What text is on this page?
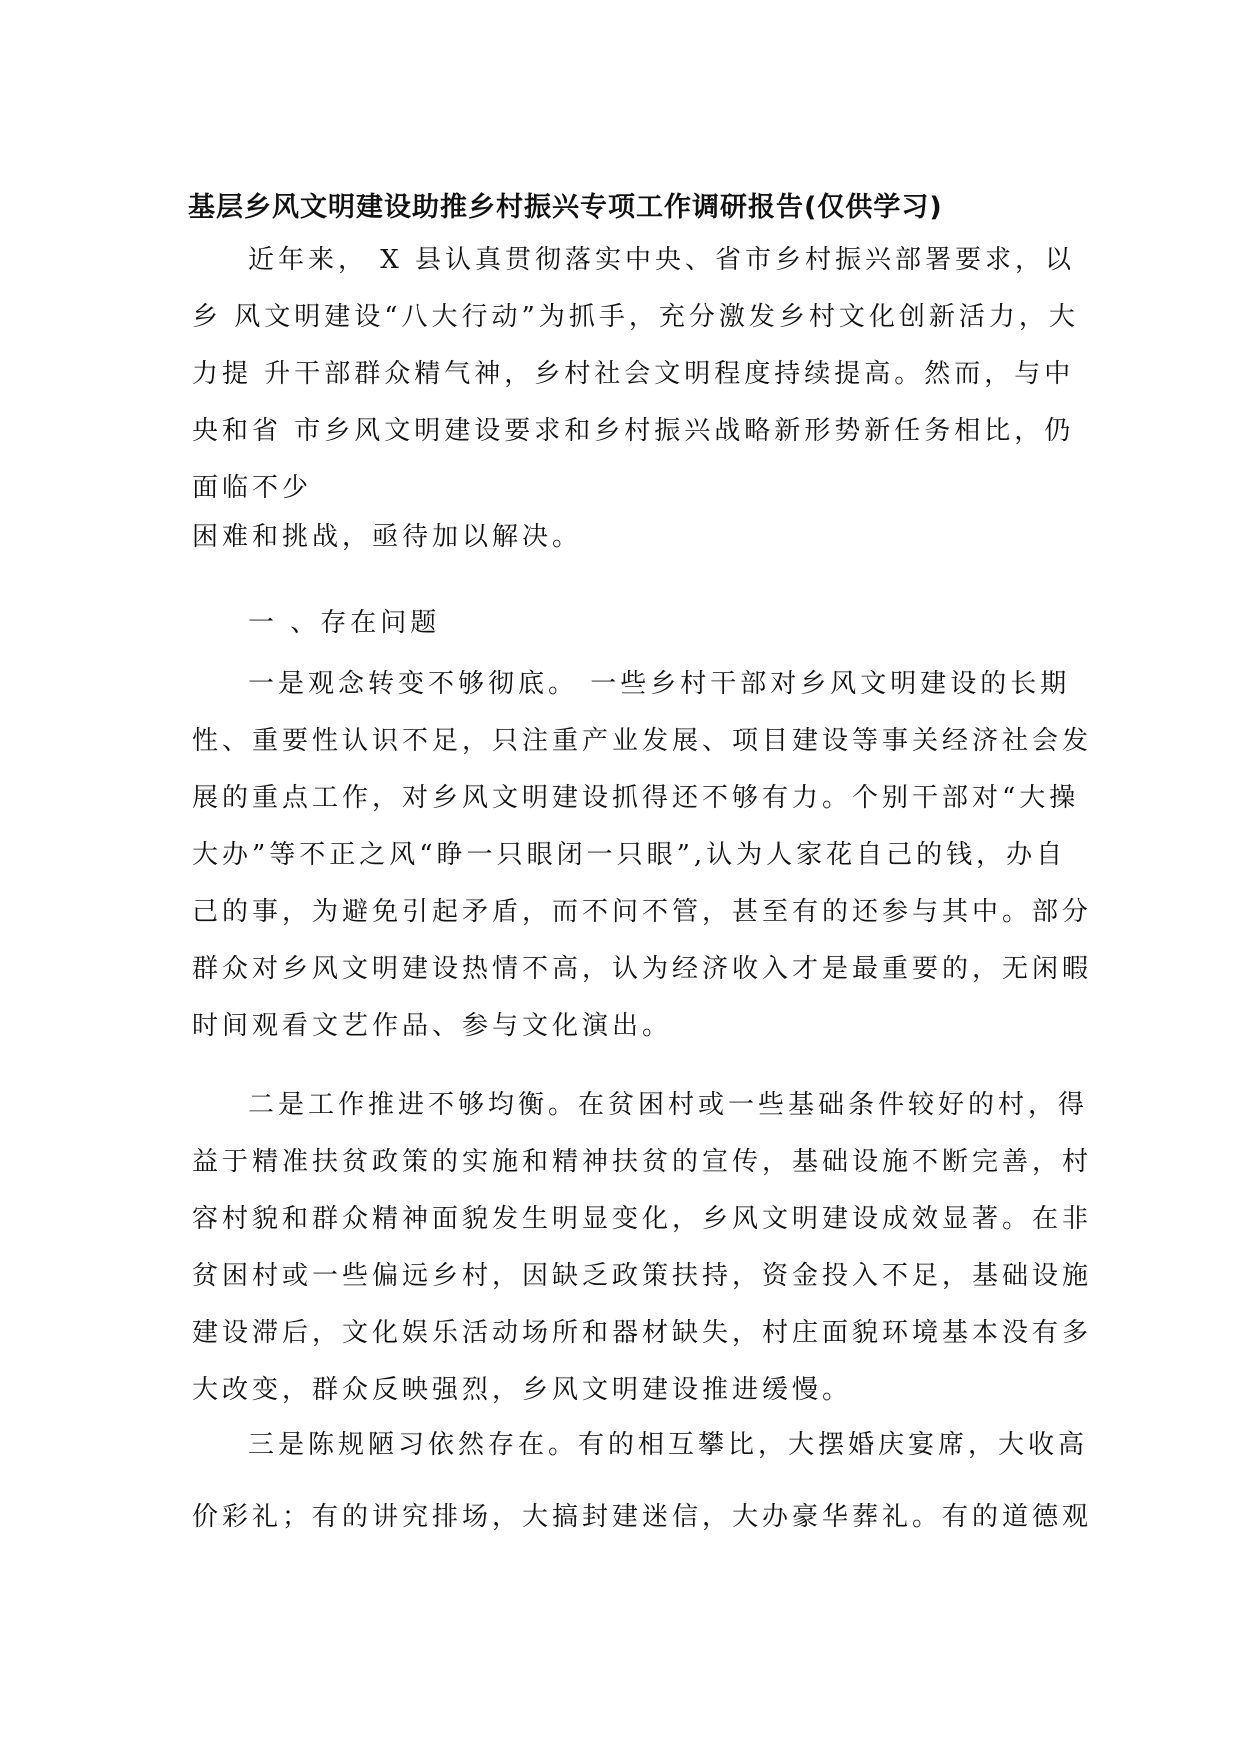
基层乡风文明建设助推乡村振兴专项工作调研报告(仅供学习)
近年来， X 县认真贯彻落实中央、省市乡村振兴部署要求，以
乡 风文明建设“八大行动”为抓手，充分激发乡村文化创新活力，大
力提 升干部群众精气神，乡村社会文明程度持续提高。然而，与中
央和省 市乡风文明建设要求和乡村振兴战略新形势新任务相比，仍
面临不少
困难和挑战，亟待加以解决。
一 、存在问题
一是观念转变不够彻底。 一些乡村干部对乡风文明建设的长期
性、重要性认识不足，只注重产业发展、项目建设等事关经济社会发
展的重点工作，对乡风文明建设抓得还不够有力。个别干部对“大操
大办”等不正之风“睁一只眼闭一只眼”,认为人家花自己的钱，办自
己的事，为避免引起矛盾，而不问不管，甚至有的还参与其中。部分
群众对乡风文明建设热情不高，认为经济收入才是最重要的，无闲暇
时间观看文艺作品、参与文化演出。
二是工作推进不够均衡。在贫困村或一些基础条件较好的村，得
益于精准扶贫政策的实施和精神扶贫的宣传，基础设施不断完善，村
容村貌和群众精神面貌发生明显变化，乡风文明建设成效显著。在非
贫困村或一些偏远乡村，因缺乏政策扶持，资金投入不足，基础设施
建设滞后，文化娱乐活动场所和器材缺失，村庄面貌环境基本没有多
大改变，群众反映强烈，乡风文明建设推进缓慢。
三是陈规陋习依然存在。有的相互攀比，大摆婚庆宴席，大收高
价彩礼；有的讲究排场，大搞封建迷信，大办豪华葬礼。有的道德观
